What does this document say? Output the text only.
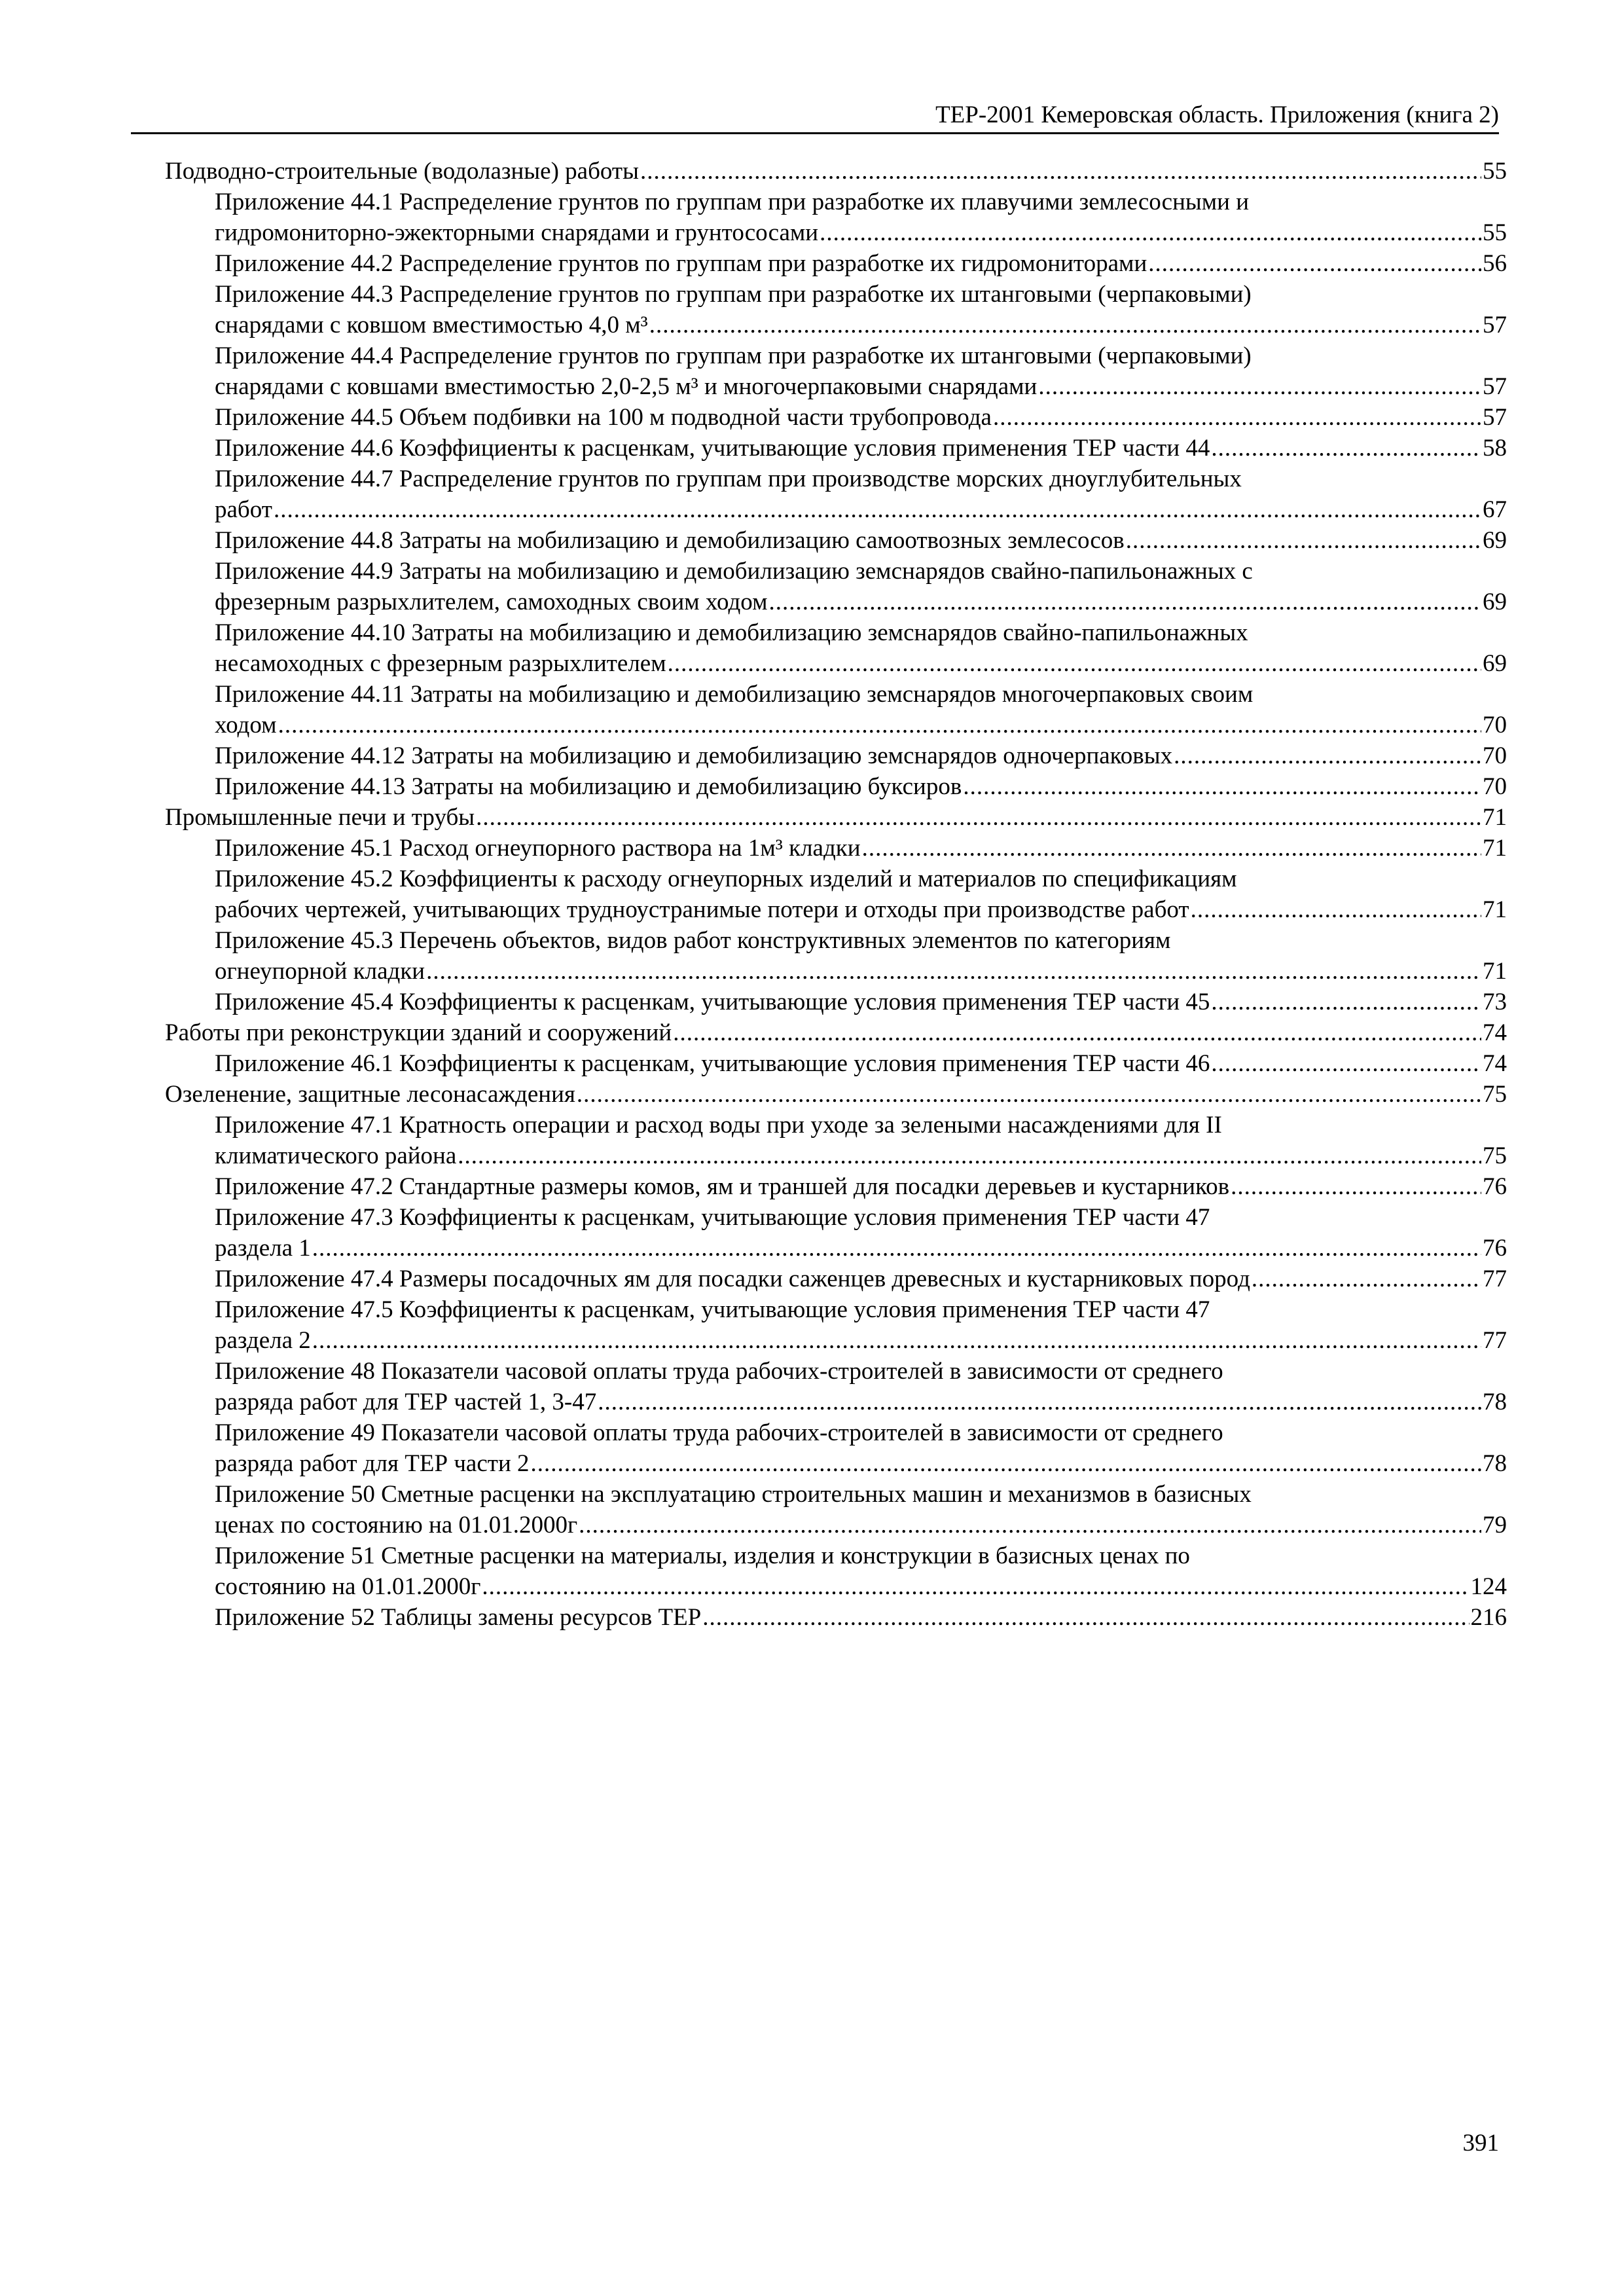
ТЕР-2001 Кемеровская область. Приложения (книга 2)
Подводно-строительные (водолазные) работы .....	55
Приложение 44.1 Распределение грунтов по группам при разработке их плавучими землесосными и
гидромониторно-эжекторными снарядами и грунтососами .....	55
Приложение 44.2 Распределение грунтов по группам при разработке их гидромониторами .....	56
Приложение 44.3 Распределение грунтов по группам при разработке их штанговыми (черпаковыми)
снарядами с ковшом вместимостью 4,0 м³ .....	57
Приложение 44.4 Распределение грунтов по группам при разработке их штанговыми (черпаковыми)
снарядами с ковшами вместимостью 2,0-2,5 м³ и многочерпаковыми снарядами .....	57
Приложение 44.5 Объем подбивки на 100 м подводной части трубопровода .....	57
Приложение 44.6 Коэффициенты к расценкам, учитывающие условия применения ТЕР части 44 .....	58
Приложение 44.7 Распределение грунтов по группам при производстве морских дноуглубительных
работ .....	67
Приложение 44.8 Затраты на мобилизацию и демобилизацию самоотвозных землесосов .....	69
Приложение 44.9 Затраты на мобилизацию и демобилизацию земснарядов свайно-папильонажных с
фрезерным разрыхлителем, самоходных своим ходом .....	69
Приложение 44.10 Затраты на мобилизацию и демобилизацию земснарядов свайно-папильонажных
несамоходных с фрезерным разрыхлителем .....	69
Приложение 44.11 Затраты на мобилизацию и демобилизацию земснарядов многочерпаковых своим
ходом .....	70
Приложение 44.12 Затраты на мобилизацию и демобилизацию земснарядов одночерпаковых .....	70
Приложение 44.13 Затраты на мобилизацию и демобилизацию буксиров .....	70
Промышленные печи и трубы .....	71
Приложение 45.1 Расход огнеупорного раствора на 1м³ кладки .....	71
Приложение 45.2 Коэффициенты к расходу огнеупорных изделий и материалов по спецификациям
рабочих чертежей, учитывающих трудноустранимые потери и отходы при производстве работ .....	71
Приложение 45.3 Перечень объектов, видов работ конструктивных элементов по категориям
огнеупорной кладки .....	71
Приложение 45.4 Коэффициенты к расценкам, учитывающие условия применения ТЕР части 45 .....	73
Работы при реконструкции зданий и сооружений .....	74
Приложение 46.1 Коэффициенты к расценкам, учитывающие условия применения ТЕР части 46 .....	74
Озеленение, защитные лесонасаждения .....	75
Приложение 47.1 Кратность операции и расход воды при уходе за зелеными насаждениями для II
климатического района .....	75
Приложение 47.2 Стандартные размеры комов, ям и траншей для посадки деревьев и кустарников .....	76
Приложение 47.3 Коэффициенты к расценкам, учитывающие условия применения ТЕР части 47
раздела 1 .....	76
Приложение 47.4 Размеры посадочных ям для посадки саженцев древесных и кустарниковых пород .....	77
Приложение 47.5 Коэффициенты к расценкам, учитывающие условия применения ТЕР части 47
раздела 2 .....	77
Приложение 48 Показатели часовой оплаты труда рабочих-строителей в зависимости от среднего
разряда работ для ТЕР частей 1, 3-47 .....	78
Приложение 49 Показатели часовой оплаты труда рабочих-строителей в зависимости от среднего
разряда работ для ТЕР части 2 .....	78
Приложение 50 Сметные расценки на эксплуатацию строительных машин и механизмов в базисных
ценах по состоянию на 01.01.2000г .....	79
Приложение 51 Сметные расценки на материалы, изделия и конструкции в базисных ценах по
состоянию на 01.01.2000г .....	124
Приложение 52 Таблицы замены ресурсов ТЕР .....	216
391
